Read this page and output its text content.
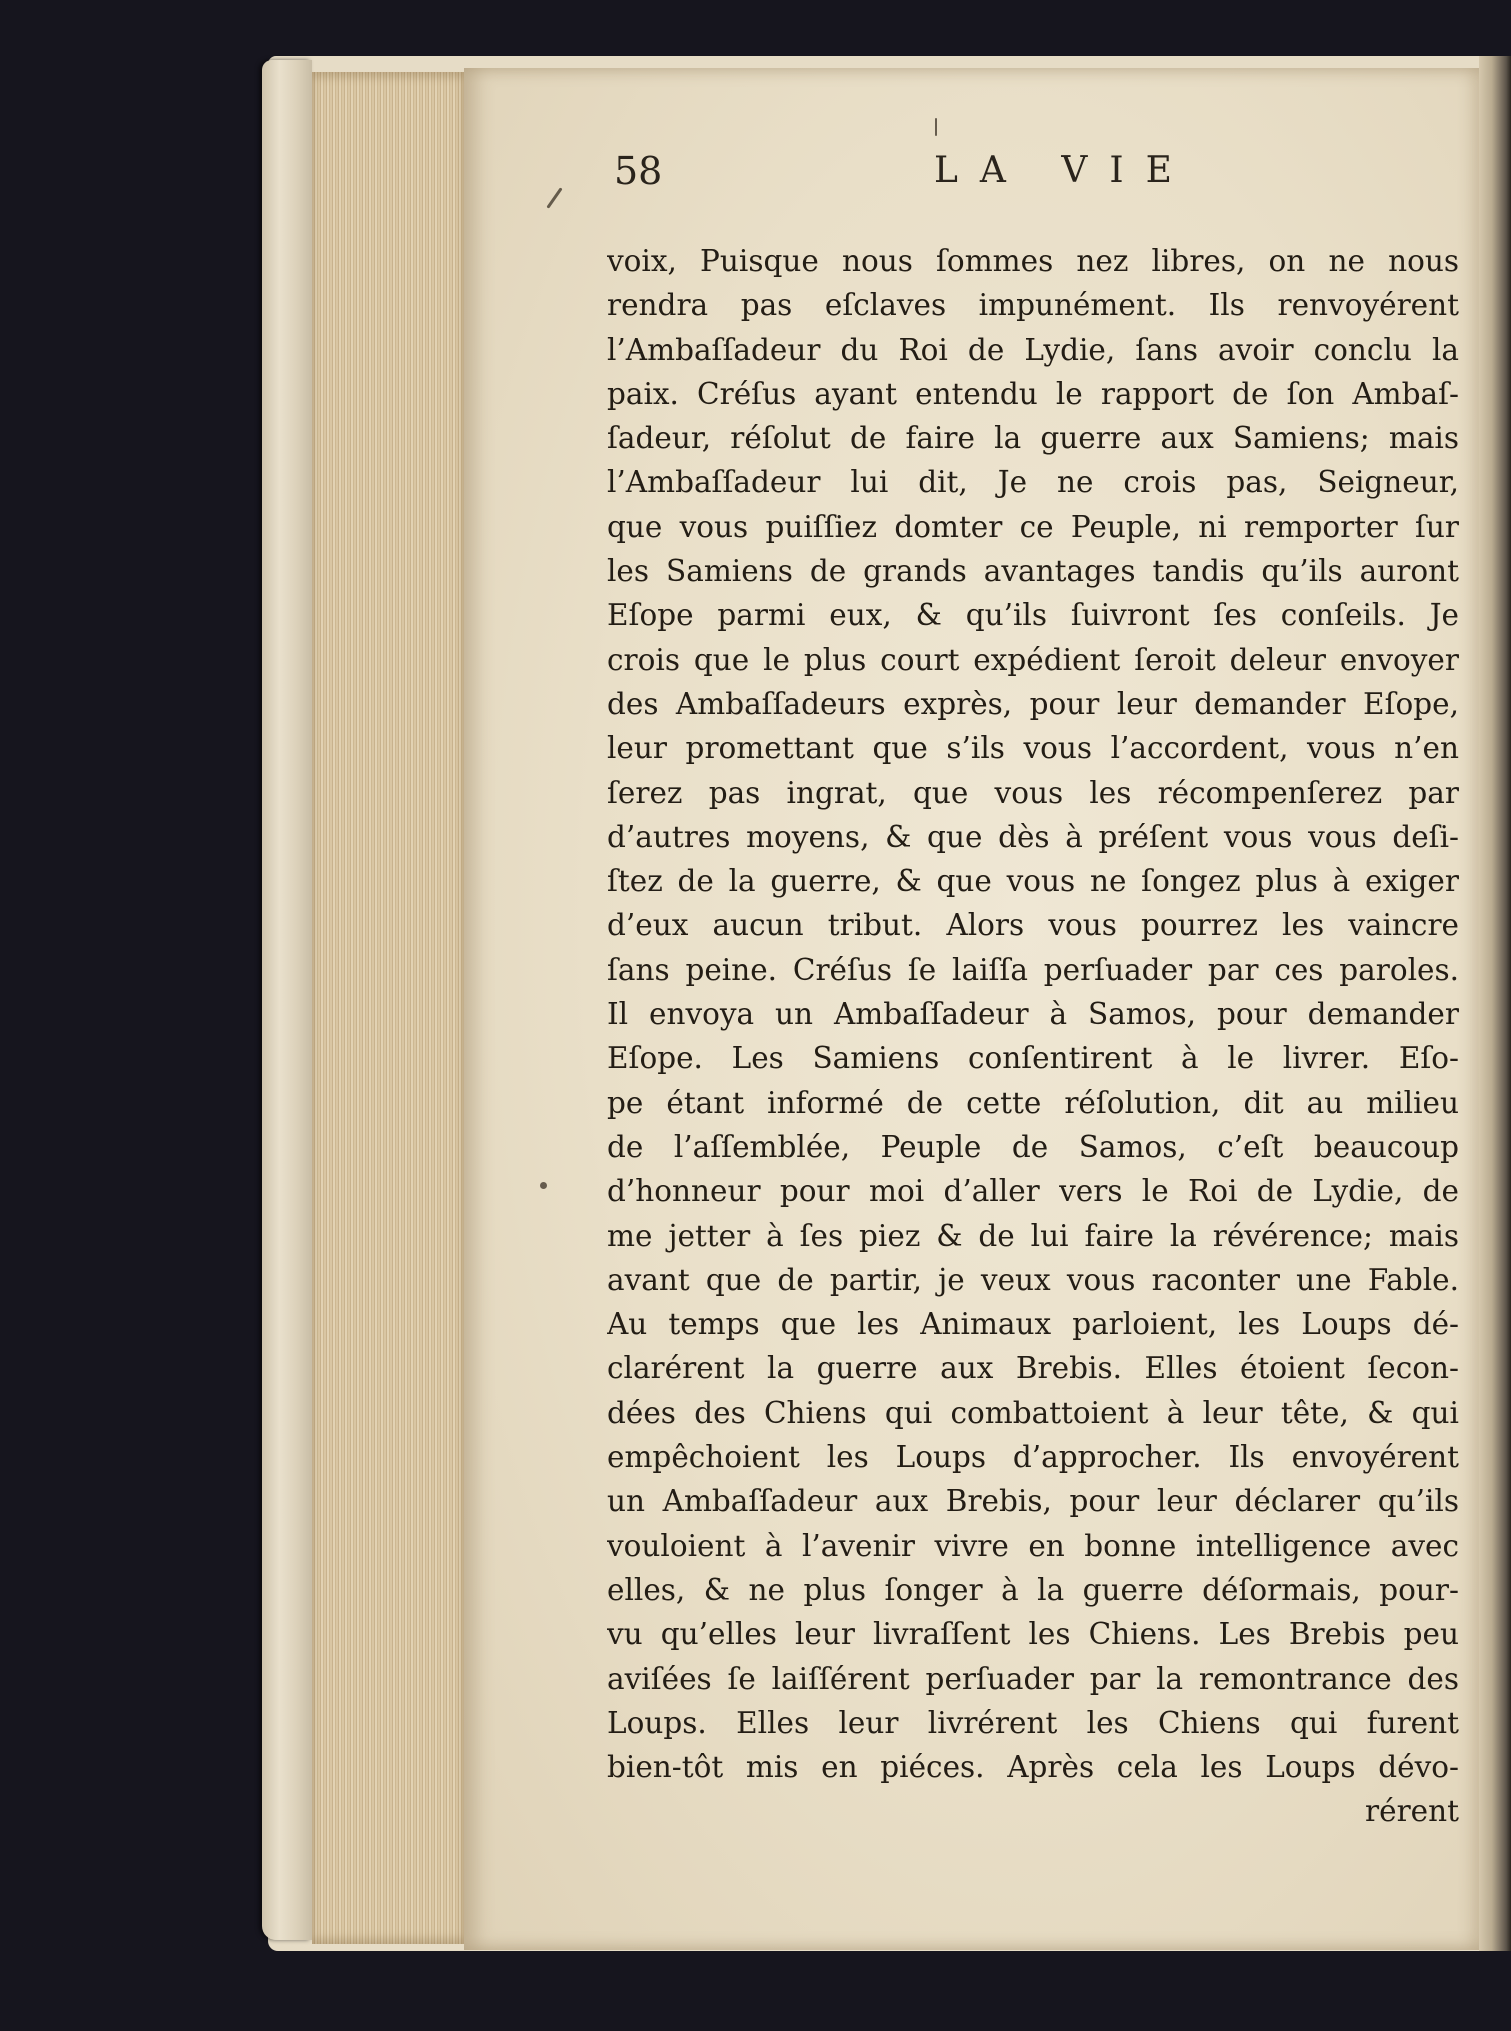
58	LA VIE
voix, Puisque nous ſommes nez libres, on ne nous
rendra pas eſclaves impunément. Ils renvoyérent
l’Ambaſſadeur du Roi de Lydie, ſans avoir conclu la
paix. Créſus ayant entendu le rapport de ſon Ambaſ-
ſadeur, réſolut de faire la guerre aux Samiens; mais
l’Ambaſſadeur lui dit, Je ne crois pas, Seigneur,
que vous puiſſiez domter ce Peuple, ni remporter ſur
les Samiens de grands avantages tandis qu’ils auront
Eſope parmi eux, & qu’ils ſuivront ſes conſeils. Je
crois que le plus court expédient ſeroit deleur envoyer
des Ambaſſadeurs exprès, pour leur demander Eſope,
leur promettant que s’ils vous l’accordent, vous n’en
ſerez pas ingrat, que vous les récompenſerez par
d’autres moyens, & que dès à préſent vous vous deſi-
ſtez de la guerre, & que vous ne ſongez plus à exiger
d’eux aucun tribut. Alors vous pourrez les vaincre
ſans peine. Créſus ſe laiſſa perſuader par ces paroles.
Il envoya un Ambaſſadeur à Samos, pour demander
Eſope. Les Samiens conſentirent à le livrer. Eſo-
pe étant informé de cette réſolution, dit au milieu
de l’aſſemblée, Peuple de Samos, c’eſt beaucoup
d’honneur pour moi d’aller vers le Roi de Lydie, de
me jetter à ſes piez & de lui faire la révérence; mais
avant que de partir, je veux vous raconter une Fable.
Au temps que les Animaux parloient, les Loups dé-
clarérent la guerre aux Brebis. Elles étoient ſecon-
dées des Chiens qui combattoient à leur tête, & qui
empêchoient les Loups d’approcher. Ils envoyérent
un Ambaſſadeur aux Brebis, pour leur déclarer qu’ils
vouloient à l’avenir vivre en bonne intelligence avec
elles, & ne plus ſonger à la guerre déſormais, pour-
vu qu’elles leur livraſſent les Chiens. Les Brebis peu
aviſées ſe laiſſérent perſuader par la remontrance des
Loups. Elles leur livrérent les Chiens qui furent
bien-tôt mis en piéces. Après cela les Loups dévo-
rérent
